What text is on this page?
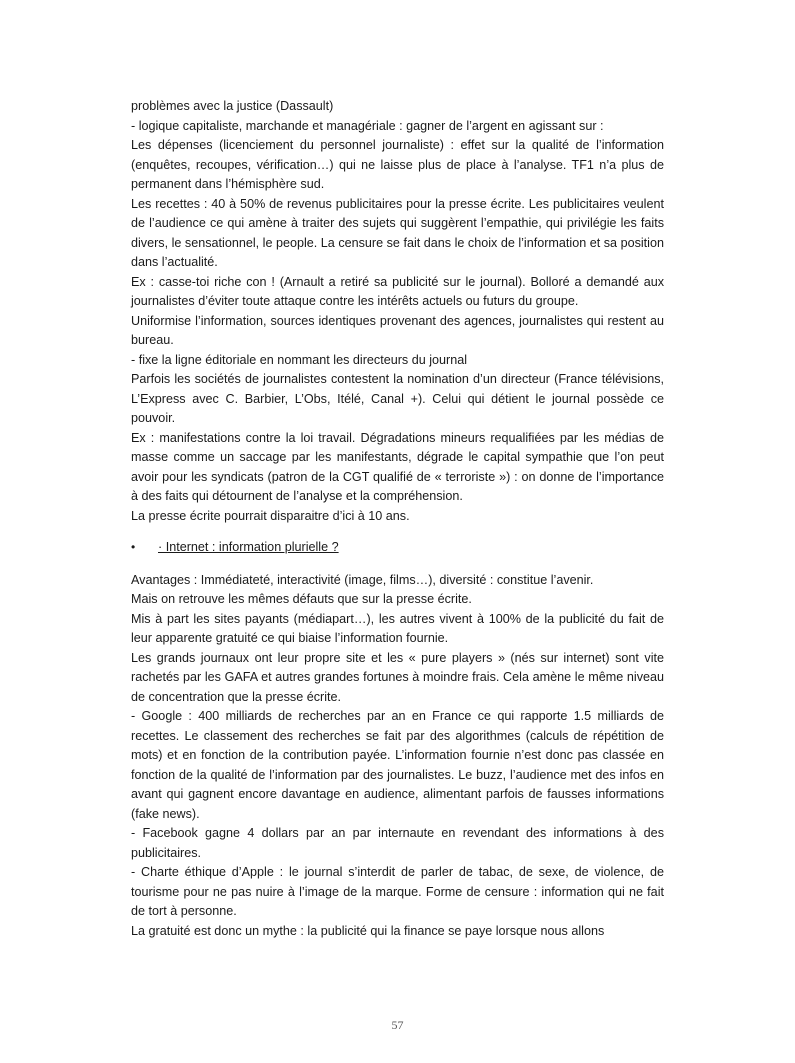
problèmes avec la justice (Dassault)

- logique capitaliste, marchande et managériale : gagner de l’argent en agissant sur :

Les dépenses (licenciement du personnel journaliste) : effet sur la qualité de l’information (enquêtes, recoupes, vérification…) qui ne laisse plus de place à l’analyse. TF1 n’a plus de permanent dans l’hémisphère sud.

Les recettes : 40 à 50% de revenus publicitaires pour la presse écrite. Les publicitaires veulent de l’audience ce qui amène à traiter des sujets qui suggèrent l’empathie, qui privilégie les faits divers, le sensationnel, le people. La censure se fait dans le choix de l’information et sa position dans l’actualité.

Ex : casse-toi riche con ! (Arnault a retiré sa publicité sur le journal). Bolloré a demandé aux journalistes d’éviter toute attaque contre les intérêts actuels ou futurs du groupe.

Uniformise l’information, sources identiques provenant des agences, journalistes qui restent au bureau.

- fixe la ligne éditoriale en nommant les directeurs du journal

Parfois les sociétés de journalistes contestent la nomination d’un directeur (France télévisions, L’Express avec C. Barbier, L’Obs, Itélé, Canal +). Celui qui détient le journal possède ce pouvoir.

Ex : manifestations contre la loi travail. Dégradations mineurs requalifiées par les médias de masse comme un saccage par les manifestants, dégrade le capital sympathie que l’on peut avoir pour les syndicats (patron de la CGT qualifié de « terroriste ») : on donne de l’importance à des faits qui détournent de l’analyse et la compréhension.

La presse écrite pourrait disparaitre d’ici à 10 ans.

• · Internet : information plurielle ?

Avantages : Immédiateté, interactivité (image, films…), diversité : constitue l’avenir.

Mais on retrouve les mêmes défauts que sur la presse écrite.

Mis à part les sites payants (médiapart…), les autres vivent à 100% de la publicité du fait de leur apparente gratuité ce qui biaise l’information fournie.

Les grands journaux ont leur propre site et les « pure players » (nés sur internet) sont vite rachetés par les GAFA et autres grandes fortunes à moindre frais. Cela amène le même niveau de concentration que la presse écrite.

- Google : 400 milliards de recherches par an en France ce qui rapporte 1.5 milliards de recettes. Le classement des recherches se fait par des algorithmes (calculs de répétition de mots) et en fonction de la contribution payée. L’information fournie n’est donc pas classée en fonction de la qualité de l’information par des journalistes. Le buzz, l’audience met des infos en avant qui gagnent encore davantage en audience, alimentant parfois de fausses informations (fake news).

- Facebook gagne 4 dollars par an par internaute en revendant des informations à des publicitaires.

- Charte éthique d’Apple : le journal s’interdit de parler de tabac, de sexe, de violence, de tourisme pour ne pas nuire à l’image de la marque. Forme de censure : information qui ne fait de tort à personne.

La gratuité est donc un mythe : la publicité qui la finance se paye lorsque nous allons

57
